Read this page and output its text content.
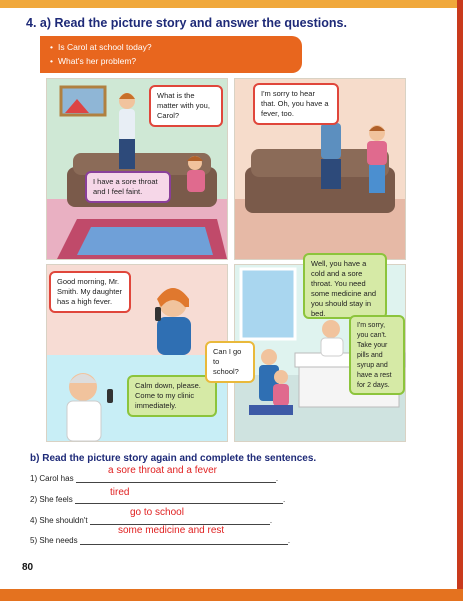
4. a) Read the picture story and answer the questions.
• Is Carol at school today?
• What's her problem?
What is the matter with you, Carol?
I have a sore throat and I feel faint.
I'm sorry to hear that. Oh, you have a fever, too.
Good morning, Mr. Smith. My daughter has a high fever.
Calm down, please. Come to my clinic immediately.
Well, you have a cold and a sore throat. You need some medicine and you should stay in bed.
Can I go to school?
I'm sorry, you can't. Take your pills and syrup and have a rest for 2 days.
b) Read the picture story again and complete the sentences.
1) Carol has	.
a sore throat and a fever
2) She feels	.
tired
4) She shouldn't	.
go to school
5) She needs	.
some medicine and rest
80
